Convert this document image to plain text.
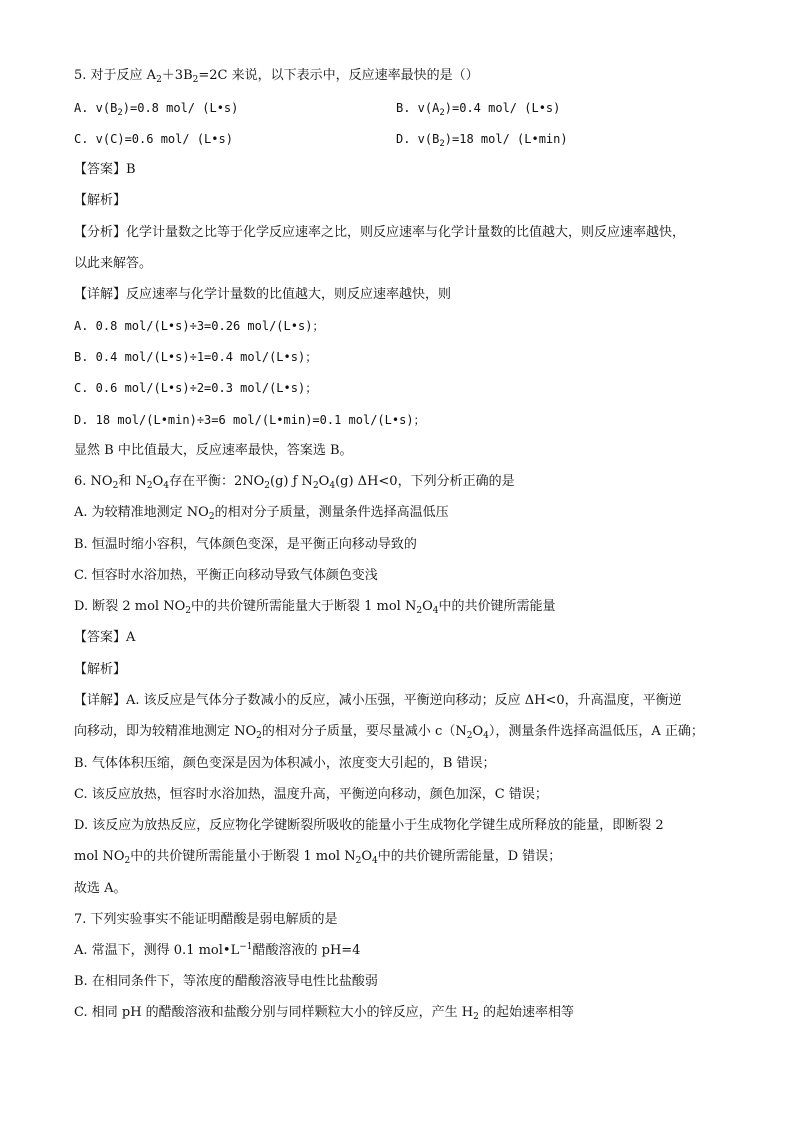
5. 对于反应 $A_2+3B_2=2C$ 来说，以下表示中，反应速率最快的是（）
A. $v(B_2)=0.8$ mol/ (L•s)	B. $v(A_2)=0.4$ mol/ (L•s)
C. v(C)=0.6 mol/ (L•s)	D. $v(B_2)=18$ mol/ (L•min)
【答案】B
【解析】
【分析】化学计量数之比等于化学反应速率之比，则反应速率与化学计量数的比值越大，则反应速率越快，
以此来解答。
【详解】反应速率与化学计量数的比值越大，则反应速率越快，则
A. 0.8 mol/(L•s)÷3=0.26 mol/(L•s)；
B. 0.4 mol/(L•s)÷1=0.4 mol/(L•s)；
C. 0.6 mol/(L•s)÷2=0.3 mol/(L•s)；
D. 18 mol/(L•min)÷3=6 mol/(L•min)=0.1 mol/(L•s)；
显然 B 中比值最大，反应速率最快，答案选 B。
6. $NO_2$和 $N_2O_4$存在平衡：$2NO_2(g)$ ƒ $N_2O_4(g)$ ΔH<0，下列分析正确的是
A. 为较精准地测定 $NO_2$的相对分子质量，测量条件选择高温低压
B. 恒温时缩小容积，气体颜色变深，是平衡正向移动导致的
C. 恒容时水浴加热，平衡正向移动导致气体颜色变浅
D. 断裂 2 mol $NO_2$中的共价键所需能量大于断裂 1 mol $N_2O_4$中的共价键所需能量
【答案】A
【解析】
【详解】A. 该反应是气体分子数减小的反应，减小压强，平衡逆向移动；反应 ΔH<0，升高温度，平衡逆
向移动，即为较精准地测定 $NO_2$的相对分子质量，要尽量减小 $c(N_2O_4)$，测量条件选择高温低压，A 正确；
B. 气体体积压缩，颜色变深是因为体积减小，浓度变大引起的，B 错误；
C. 该反应放热，恒容时水浴加热，温度升高，平衡逆向移动，颜色加深，C 错误；
D. 该反应为放热反应，反应物化学键断裂所吸收的能量小于生成物化学键生成所释放的能量，即断裂 2
mol $NO_2$中的共价键所需能量小于断裂 1 mol $N_2O_4$中的共价键所需能量，D 错误；
故选 A。
7. 下列实验事实不能证明醋酸是弱电解质的是
A. 常温下，测得 0.1 $mol•L^{-1}$醋酸溶液的 pH=4
B. 在相同条件下，等浓度的醋酸溶液导电性比盐酸弱
C. 相同 pH 的醋酸溶液和盐酸分别与同样颗粒大小的锌反应，产生 $H_2$ 的起始速率相等
